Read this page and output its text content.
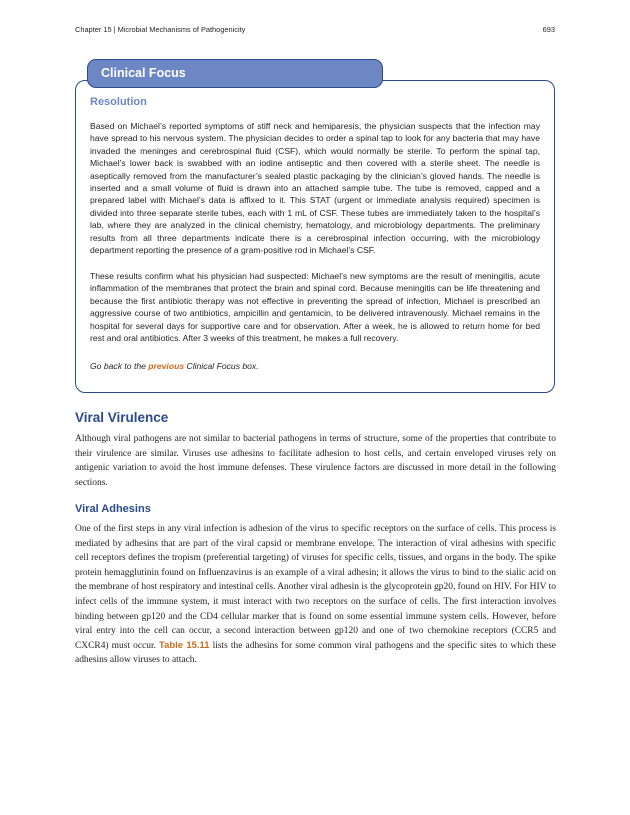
Chapter 15 | Microbial Mechanisms of Pathogenicity	693
Clinical Focus
Resolution

Based on Michael’s reported symptoms of stiff neck and hemiparesis, the physician suspects that the infection may have spread to his nervous system. The physician decides to order a spinal tap to look for any bacteria that may have invaded the meninges and cerebrospinal fluid (CSF), which would normally be sterile. To perform the spinal tap, Michael’s lower back is swabbed with an iodine antiseptic and then covered with a sterile sheet. The needle is aseptically removed from the manufacturer’s sealed plastic packaging by the clinician’s gloved hands. The needle is inserted and a small volume of fluid is drawn into an attached sample tube. The tube is removed, capped and a prepared label with Michael’s data is affixed to it. This STAT (urgent or immediate analysis required) specimen is divided into three separate sterile tubes, each with 1 mL of CSF. These tubes are immediately taken to the hospital’s lab, where they are analyzed in the clinical chemistry, hematology, and microbiology departments. The preliminary results from all three departments indicate there is a cerebrospinal infection occurring, with the microbiology department reporting the presence of a gram-positive rod in Michael’s CSF.

These results confirm what his physician had suspected: Michael’s new symptoms are the result of meningitis, acute inflammation of the membranes that protect the brain and spinal cord. Because meningitis can be life threatening and because the first antibiotic therapy was not effective in preventing the spread of infection, Michael is prescribed an aggressive course of two antibiotics, ampicillin and gentamicin, to be delivered intravenously. Michael remains in the hospital for several days for supportive care and for observation. After a week, he is allowed to return home for bed rest and oral antibiotics. After 3 weeks of this treatment, he makes a full recovery.

Go back to the previous Clinical Focus box.
Viral Virulence

Although viral pathogens are not similar to bacterial pathogens in terms of structure, some of the properties that contribute to their virulence are similar. Viruses use adhesins to facilitate adhesion to host cells, and certain enveloped viruses rely on antigenic variation to avoid the host immune defenses. These virulence factors are discussed in more detail in the following sections.

Viral Adhesins

One of the first steps in any viral infection is adhesion of the virus to specific receptors on the surface of cells. This process is mediated by adhesins that are part of the viral capsid or membrane envelope. The interaction of viral adhesins with specific cell receptors defines the tropism (preferential targeting) of viruses for specific cells, tissues, and organs in the body. The spike protein hemagglutinin found on Influenzavirus is an example of a viral adhesin; it allows the virus to bind to the sialic acid on the membrane of host respiratory and intestinal cells. Another viral adhesin is the glycoprotein gp20, found on HIV. For HIV to infect cells of the immune system, it must interact with two receptors on the surface of cells. The first interaction involves binding between gp120 and the CD4 cellular marker that is found on some essential immune system cells. However, before viral entry into the cell can occur, a second interaction between gp120 and one of two chemokine receptors (CCR5 and CXCR4) must occur. Table 15.11 lists the adhesins for some common viral pathogens and the specific sites to which these adhesins allow viruses to attach.
